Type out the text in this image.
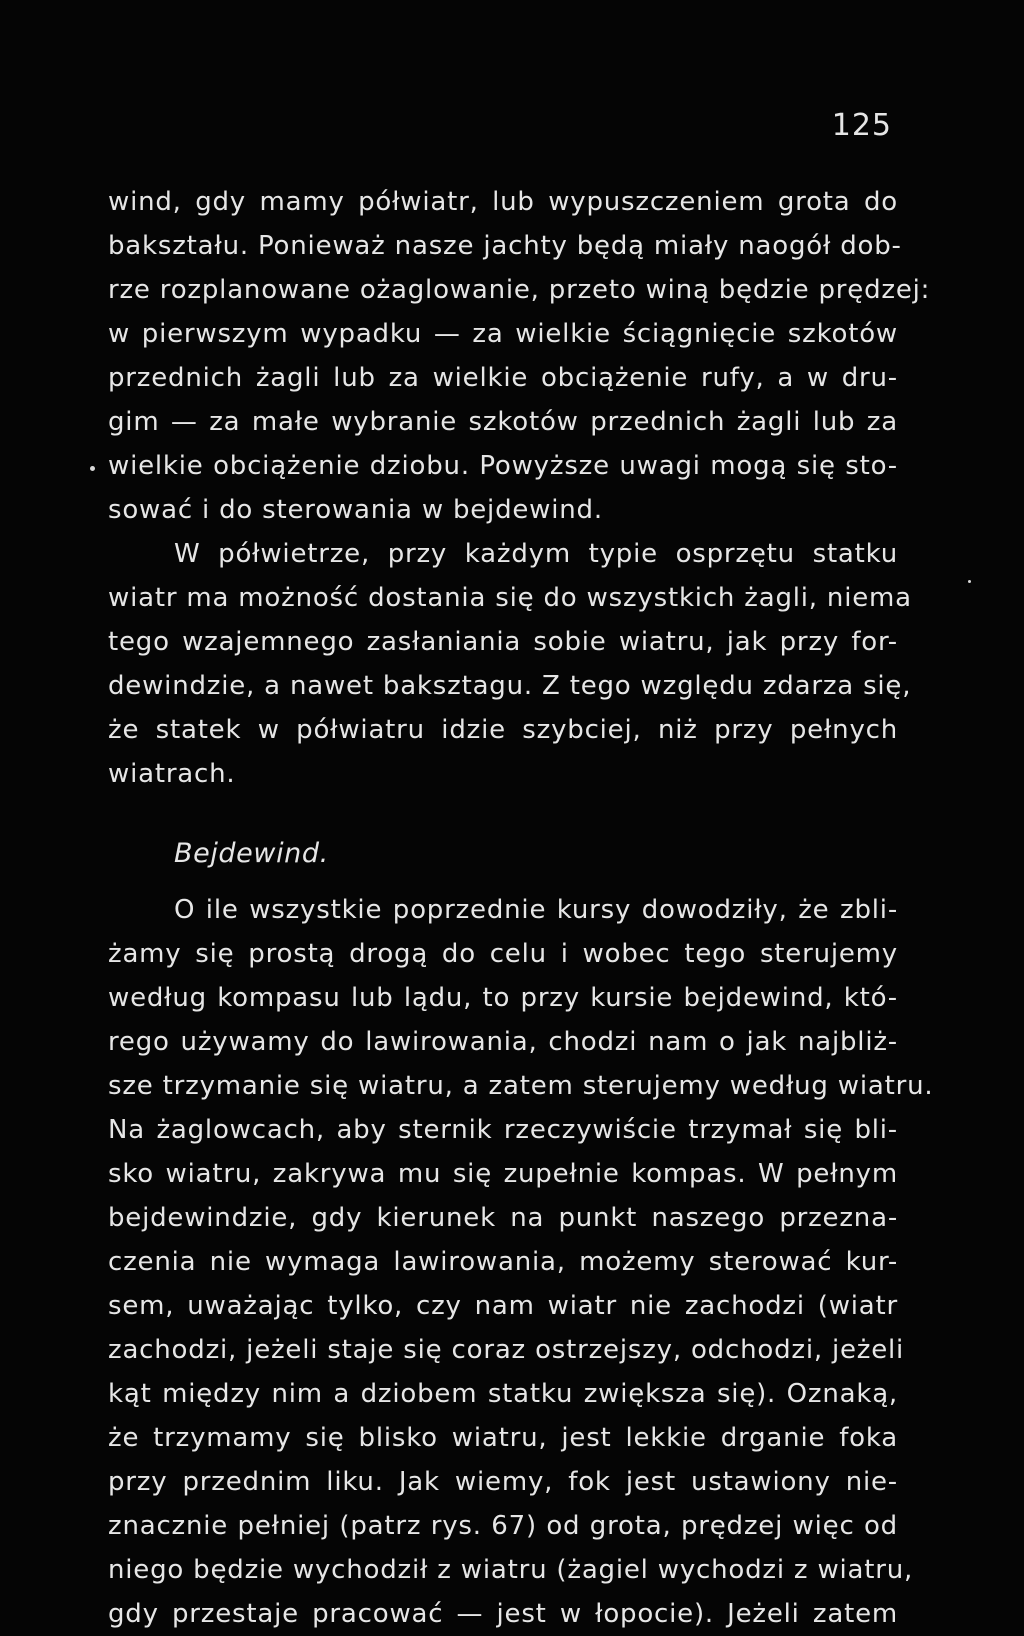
125
wind, gdy mamy półwiatr, lub wypuszczeniem grota do
bakształu. Ponieważ nasze jachty będą miały naogół dob-
rze rozplanowane ożaglowanie, przeto winą będzie prędzej:
w pierwszym wypadku — za wielkie ściągnięcie szkotów
przednich żagli lub za wielkie obciążenie rufy, a w dru-
gim — za małe wybranie szkotów przednich żagli lub za
wielkie obciążenie dziobu. Powyższe uwagi mogą się sto-
sować i do sterowania w bejdewind.
W półwietrze, przy każdym typie osprzętu statku
wiatr ma możność dostania się do wszystkich żagli, niema
tego wzajemnego zasłaniania sobie wiatru, jak przy for-
dewindzie, a nawet baksztagu. Z tego względu zdarza się,
że statek w półwiatru idzie szybciej, niż przy pełnych
wiatrach.
Bejdewind.
O ile wszystkie poprzednie kursy dowodziły, że zbli-
żamy się prostą drogą do celu i wobec tego sterujemy
według kompasu lub lądu, to przy kursie bejdewind, któ-
rego używamy do lawirowania, chodzi nam o jak najbliż-
sze trzymanie się wiatru, a zatem sterujemy według wiatru.
Na żaglowcach, aby sternik rzeczywiście trzymał się bli-
sko wiatru, zakrywa mu się zupełnie kompas. W pełnym
bejdewindzie, gdy kierunek na punkt naszego przezna-
czenia nie wymaga lawirowania, możemy sterować kur-
sem, uważając tylko, czy nam wiatr nie zachodzi (wiatr
zachodzi, jeżeli staje się coraz ostrzejszy, odchodzi, jeżeli
kąt między nim a dziobem statku zwiększa się). Oznaką,
że trzymamy się blisko wiatru, jest lekkie drganie foka
przy przednim liku. Jak wiemy, fok jest ustawiony nie-
znacznie pełniej (patrz rys. 67) od grota, prędzej więc od
niego będzie wychodził z wiatru (żagiel wychodzi z wiatru,
gdy przestaje pracować — jest w łopocie). Jeżeli zatem
